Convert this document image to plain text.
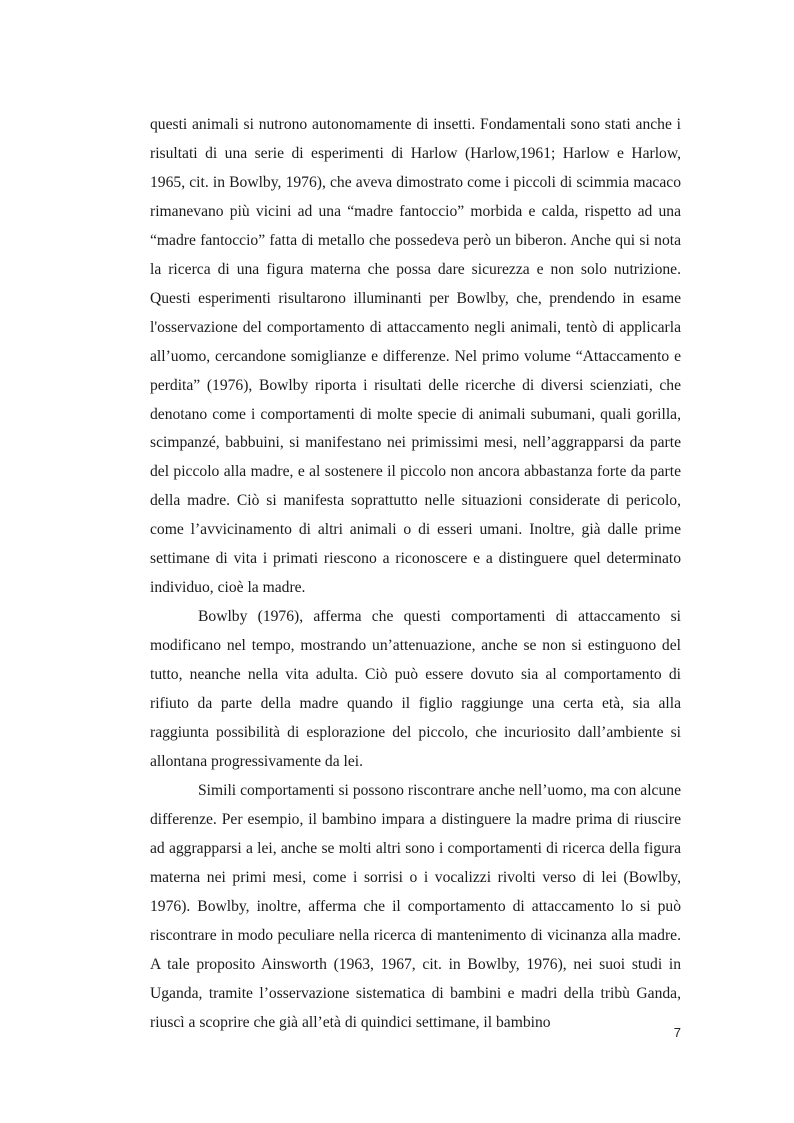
questi animali si nutrono autonomamente di insetti. Fondamentali sono stati anche i risultati di una serie di esperimenti di Harlow (Harlow,1961; Harlow e Harlow, 1965, cit. in Bowlby, 1976), che aveva dimostrato come i piccoli di scimmia macaco rimanevano più vicini ad una “madre fantoccio” morbida e calda, rispetto ad una “madre fantoccio” fatta di metallo che possedeva però un biberon. Anche qui si nota la ricerca di una figura materna che possa dare sicurezza e non solo nutrizione. Questi esperimenti risultarono illuminanti per Bowlby, che, prendendo in esame l'osservazione del comportamento di attaccamento negli animali, tentò di applicarla all’uomo, cercandone somiglianze e differenze. Nel primo volume “Attaccamento e perdita” (1976), Bowlby riporta i risultati delle ricerche di diversi scienziati, che denotano come i comportamenti di molte specie di animali subumani, quali gorilla, scimpanzé, babbuini, si manifestano nei primissimi mesi, nell’aggrapparsi da parte del piccolo alla madre, e al sostenere il piccolo non ancora abbastanza forte da parte della madre. Ciò si manifesta soprattutto nelle situazioni considerate di pericolo, come l’avvicinamento di altri animali o di esseri umani. Inoltre, già dalle prime settimane di vita i primati riescono a riconoscere e a distinguere quel determinato individuo, cioè la madre.

Bowlby (1976), afferma che questi comportamenti di attaccamento si modificano nel tempo, mostrando un’attenuazione, anche se non si estinguono del tutto, neanche nella vita adulta. Ciò può essere dovuto sia al comportamento di rifiuto da parte della madre quando il figlio raggiunge una certa età, sia alla raggiunta possibilità di esplorazione del piccolo, che incuriosito dall’ambiente si allontana progressivamente da lei.

Simili comportamenti si possono riscontrare anche nell’uomo, ma con alcune differenze. Per esempio, il bambino impara a distinguere la madre prima di riuscire ad aggrapparsi a lei, anche se molti altri sono i comportamenti di ricerca della figura materna nei primi mesi, come i sorrisi o i vocalizzi rivolti verso di lei (Bowlby, 1976). Bowlby, inoltre, afferma che il comportamento di attaccamento lo si può riscontrare in modo peculiare nella ricerca di mantenimento di vicinanza alla madre. A tale proposito Ainsworth (1963, 1967, cit. in Bowlby, 1976), nei suoi studi in Uganda, tramite l’osservazione sistematica di bambini e madri della tribù Ganda, riuscì a scoprire che già all’età di quindici settimane, il bambino

7
